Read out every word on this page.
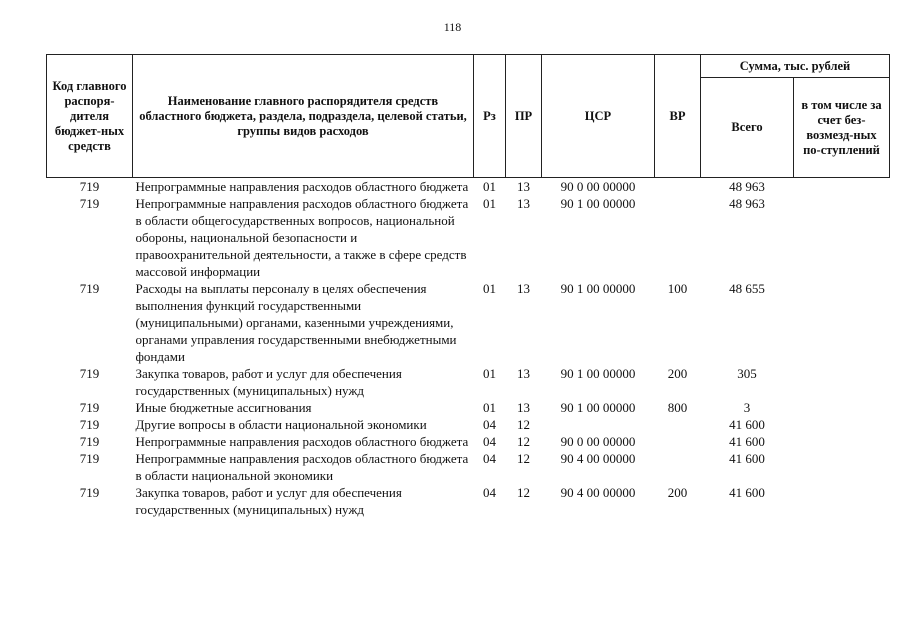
118
Код главного распоря-дителя бюджет-ных средств	Наименование главного распорядителя средств областного бюджета, раздела, подраздела, целевой статьи, группы видов расходов	Рз	ПР	ЦСР	ВР	Сумма, тыс. рублей	
						Всего	в том числе за счет без-возмезд-ных по-ступлений
719	Непрограммные направления расходов областного бюджета	01	13	90 0 00 00000		48 963	
719	Непрограммные направления расходов областного бюджета в области общегосударственных вопросов, национальной обороны, национальной безопасности и правоохранительной деятельности, а также в сфере средств массовой информации	01	13	90 1 00 00000		48 963	
719	Расходы на выплаты персоналу в целях обеспечения выполнения функций государственными (муниципальными) органами, казенными учреждениями, органами управления государственными внебюджетными фондами	01	13	90 1 00 00000	100	48 655	
719	Закупка товаров, работ и услуг для обеспечения государственных (муниципальных) нужд	01	13	90 1 00 00000	200	305	
719	Иные бюджетные ассигнования	01	13	90 1 00 00000	800	3	
719	Другие вопросы в области национальной экономики	04	12			41 600	
719	Непрограммные направления расходов областного бюджета	04	12	90 0 00 00000		41 600	
719	Непрограммные направления расходов областного бюджета в области национальной экономики	04	12	90 4 00 00000		41 600	
719	Закупка товаров, работ и услуг для обеспечения государственных (муниципальных) нужд	04	12	90 4 00 00000	200	41 600	
